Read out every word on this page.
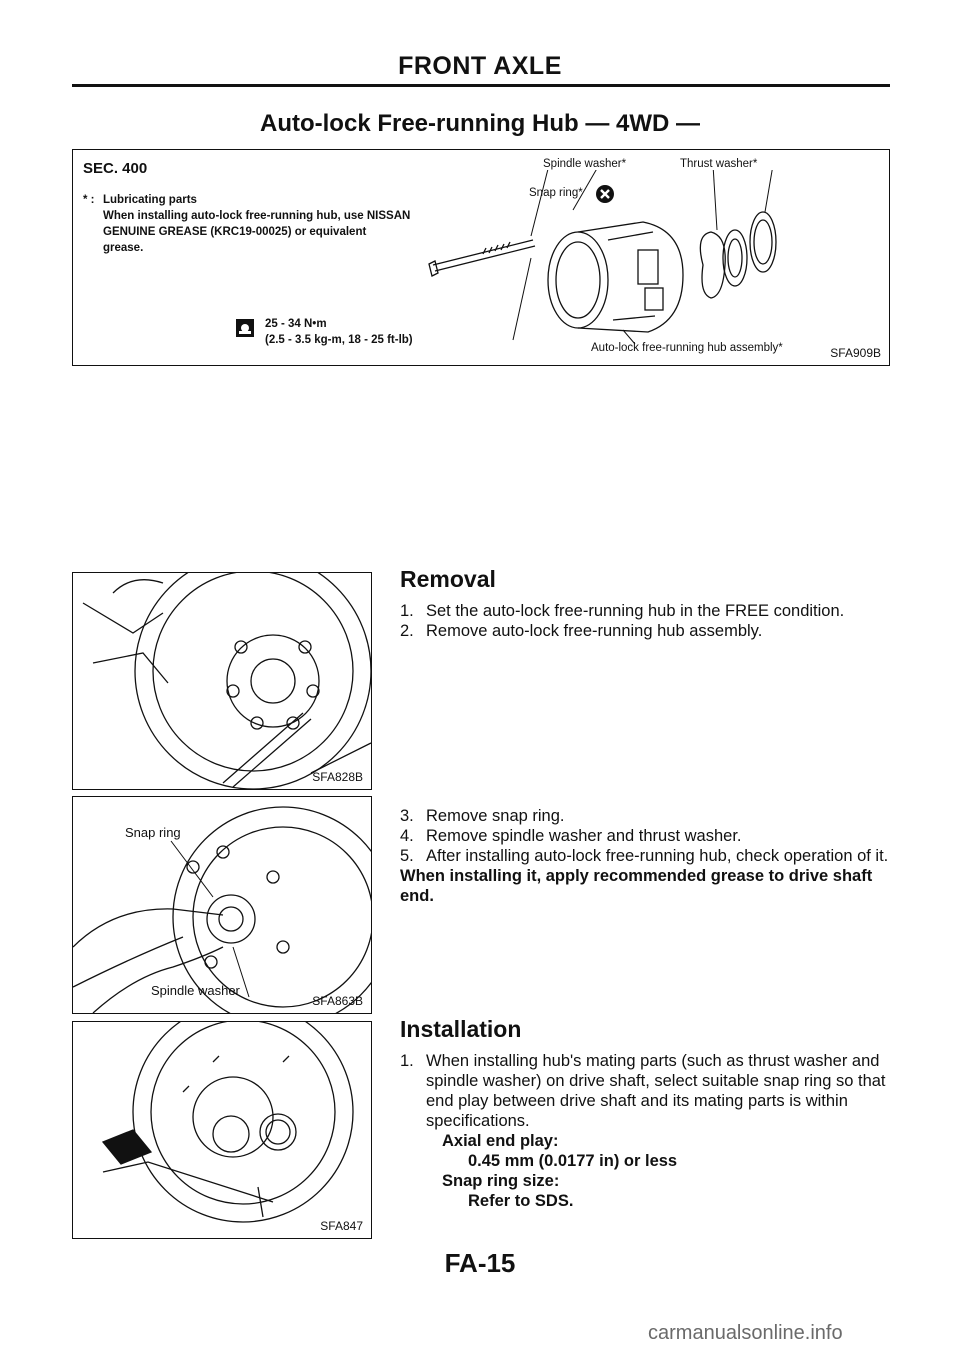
FRONT AXLE
Auto-lock Free-running Hub — 4WD —
SEC. 400
* : Lubricating parts
When installing auto-lock free-running hub, use NISSAN
GENUINE GREASE (KRC19-00025) or equivalent
grease.
25 - 34 N•m
(2.5 - 3.5 kg-m, 18 - 25 ft-lb)
Spindle washer*	Thrust washer*
Snap ring*
Auto-lock free-running hub assembly*	SFA909B
SFA828B
Removal
1. Set the auto-lock free-running hub in the FREE condition.
2. Remove auto-lock free-running hub assembly.
Snap ring
Spindle washer
SFA863B
3. Remove snap ring.
4. Remove spindle washer and thrust washer.
5. After installing auto-lock free-running hub, check operation of it.
When installing it, apply recommended grease to drive shaft end.
SFA847
Installation
1. When installing hub's mating parts (such as thrust washer and spindle washer) on drive shaft, select suitable snap ring so that end play between drive shaft and its mating parts is within specifications.
Axial end play:
0.45 mm (0.0177 in) or less
Snap ring size:
Refer to SDS.
FA-15
carmanualsonline.info
